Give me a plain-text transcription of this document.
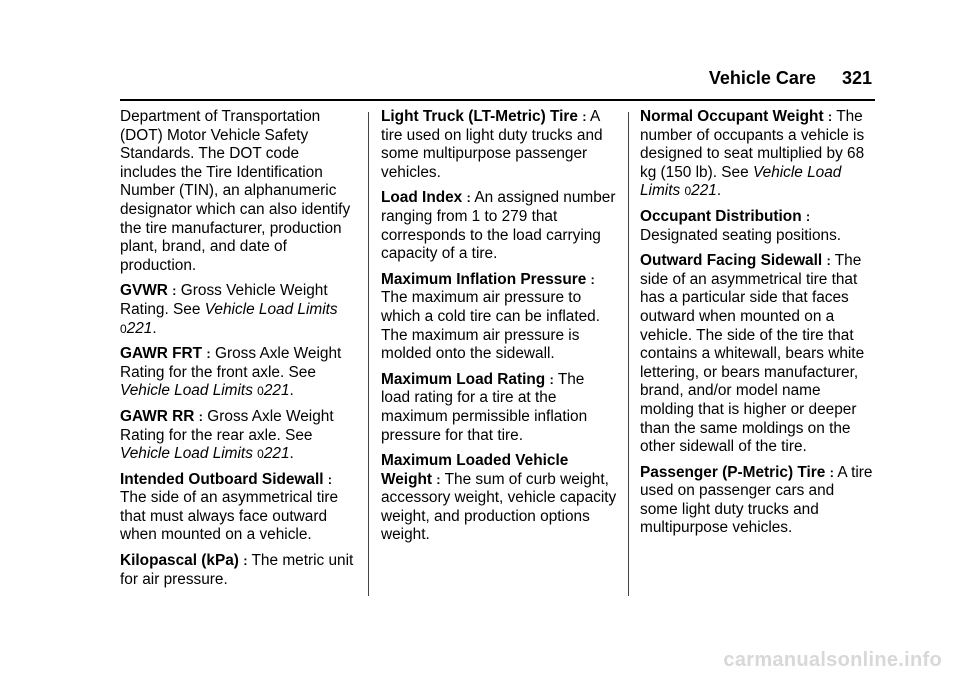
Vehicle Care 321

Department of Transportation (DOT) Motor Vehicle Safety Standards. The DOT code includes the Tire Identification Number (TIN), an alphanumeric designator which can also identify the tire manufacturer, production plant, brand, and date of production.

GVWR : Gross Vehicle Weight Rating. See Vehicle Load Limits 0221.

GAWR FRT : Gross Axle Weight Rating for the front axle. See Vehicle Load Limits 0221.

GAWR RR : Gross Axle Weight Rating for the rear axle. See Vehicle Load Limits 0221.

Intended Outboard Sidewall : The side of an asymmetrical tire that must always face outward when mounted on a vehicle.

Kilopascal (kPa) : The metric unit for air pressure.

Light Truck (LT-Metric) Tire : A tire used on light duty trucks and some multipurpose passenger vehicles.

Load Index : An assigned number ranging from 1 to 279 that corresponds to the load carrying capacity of a tire.

Maximum Inflation Pressure : The maximum air pressure to which a cold tire can be inflated. The maximum air pressure is molded onto the sidewall.

Maximum Load Rating : The load rating for a tire at the maximum permissible inflation pressure for that tire.

Maximum Loaded Vehicle Weight : The sum of curb weight, accessory weight, vehicle capacity weight, and production options weight.

Normal Occupant Weight : The number of occupants a vehicle is designed to seat multiplied by 68 kg (150 lb). See Vehicle Load Limits 0221.

Occupant Distribution : Designated seating positions.

Outward Facing Sidewall : The side of an asymmetrical tire that has a particular side that faces outward when mounted on a vehicle. The side of the tire that contains a whitewall, bears white lettering, or bears manufacturer, brand, and/or model name molding that is higher or deeper than the same moldings on the other sidewall of the tire.

Passenger (P-Metric) Tire : A tire used on passenger cars and some light duty trucks and multipurpose vehicles.

carmanualsonline.info
